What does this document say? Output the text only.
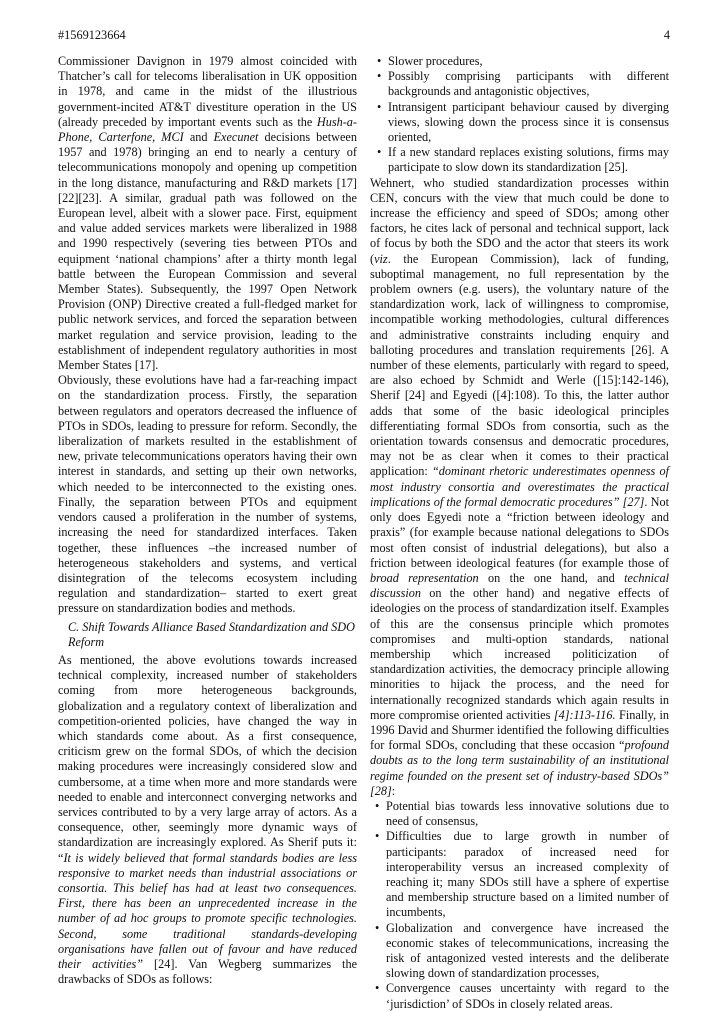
#1569123664	4

Commissioner Davignon in 1979 almost coincided with Thatcher’s call for telecoms liberalisation in UK opposition in 1978, and came in the midst of the illustrious government-incited AT&T divestiture operation in the US (already preceded by important events such as the Hush-a-Phone, Carterfone, MCI and Execunet decisions between 1957 and 1978) bringing an end to nearly a century of telecommunications monopoly and opening up competition in the long distance, manufacturing and R&D markets [17][22][23]. A similar, gradual path was followed on the European level, albeit with a slower pace. First, equipment and value added services markets were liberalized in 1988 and 1990 respectively (severing ties between PTOs and equipment ‘national champions’ after a thirty month legal battle between the European Commission and several Member States). Subsequently, the 1997 Open Network Provision (ONP) Directive created a full-fledged market for public network services, and forced the separation between market regulation and service provision, leading to the establishment of independent regulatory authorities in most Member States [17].

Obviously, these evolutions have had a far-reaching impact on the standardization process. Firstly, the separation between regulators and operators decreased the influence of PTOs in SDOs, leading to pressure for reform. Secondly, the liberalization of markets resulted in the establishment of new, private telecommunications operators having their own interest in standards, and setting up their own networks, which needed to be interconnected to the existing ones. Finally, the separation between PTOs and equipment vendors caused a proliferation in the number of systems, increasing the need for standardized interfaces. Taken together, these influences –the increased number of heterogeneous stakeholders and systems, and vertical disintegration of the telecoms ecosystem including regulation and standardization– started to exert great pressure on standardization bodies and methods.

C. Shift Towards Alliance Based Standardization and SDO Reform

As mentioned, the above evolutions towards increased technical complexity, increased number of stakeholders coming from more heterogeneous backgrounds, globalization and a regulatory context of liberalization and competition-oriented policies, have changed the way in which standards come about. As a first consequence, criticism grew on the formal SDOs, of which the decision making procedures were increasingly considered slow and cumbersome, at a time when more and more standards were needed to enable and interconnect converging networks and services contributed to by a very large array of actors. As a consequence, other, seemingly more dynamic ways of standardization are increasingly explored. As Sherif puts it: “It is widely believed that formal standards bodies are less responsive to market needs than industrial associations or consortia. This belief has had at least two consequences. First, there has been an unprecedented increase in the number of ad hoc groups to promote specific technologies. Second, some traditional standards-developing organisations have fallen out of favour and have reduced their activities” [24]. Van Wegberg summarizes the drawbacks of SDOs as follows:

• Slower procedures,
• Possibly comprising participants with different backgrounds and antagonistic objectives,
• Intransigent participant behaviour caused by diverging views, slowing down the process since it is consensus oriented,
• If a new standard replaces existing solutions, firms may participate to slow down its standardization [25].

Wehnert, who studied standardization processes within CEN, concurs with the view that much could be done to increase the efficiency and speed of SDOs; among other factors, he cites lack of personal and technical support, lack of focus by both the SDO and the actor that steers its work (viz. the European Commission), lack of funding, suboptimal management, no full representation by the problem owners (e.g. users), the voluntary nature of the standardization work, lack of willingness to compromise, incompatible working methodologies, cultural differences and administrative constraints including enquiry and balloting procedures and translation requirements [26]. A number of these elements, particularly with regard to speed, are also echoed by Schmidt and Werle ([15]:142-146), Sherif [24] and Egyedi ([4]:108). To this, the latter author adds that some of the basic ideological principles differentiating formal SDOs from consortia, such as the orientation towards consensus and democratic procedures, may not be as clear when it comes to their practical application: “dominant rhetoric underestimates openness of most industry consortia and overestimates the practical implications of the formal democratic procedures” [27]. Not only does Egyedi note a “friction between ideology and praxis” (for example because national delegations to SDOs most often consist of industrial delegations), but also a friction between ideological features (for example those of broad representation on the one hand, and technical discussion on the other hand) and negative effects of ideologies on the process of standardization itself. Examples of this are the consensus principle which promotes compromises and multi-option standards, national membership which increased politicization of standardization activities, the democracy principle allowing minorities to hijack the process, and the need for internationally recognized standards which again results in more compromise oriented activities [4]:113-116. Finally, in 1996 David and Shurmer identified the following difficulties for formal SDOs, concluding that these occasion “profound doubts as to the long term sustainability of an institutional regime founded on the present set of industry-based SDOs” [28]:

• Potential bias towards less innovative solutions due to need of consensus,
• Difficulties due to large growth in number of participants: paradox of increased need for interoperability versus an increased complexity of reaching it; many SDOs still have a sphere of expertise and membership structure based on a limited number of incumbents,
• Globalization and convergence have increased the economic stakes of telecommunications, increasing the risk of antagonized vested interests and the deliberate slowing down of standardization processes,
• Convergence causes uncertainty with regard to the ‘jurisdiction’ of SDOs in closely related areas.
